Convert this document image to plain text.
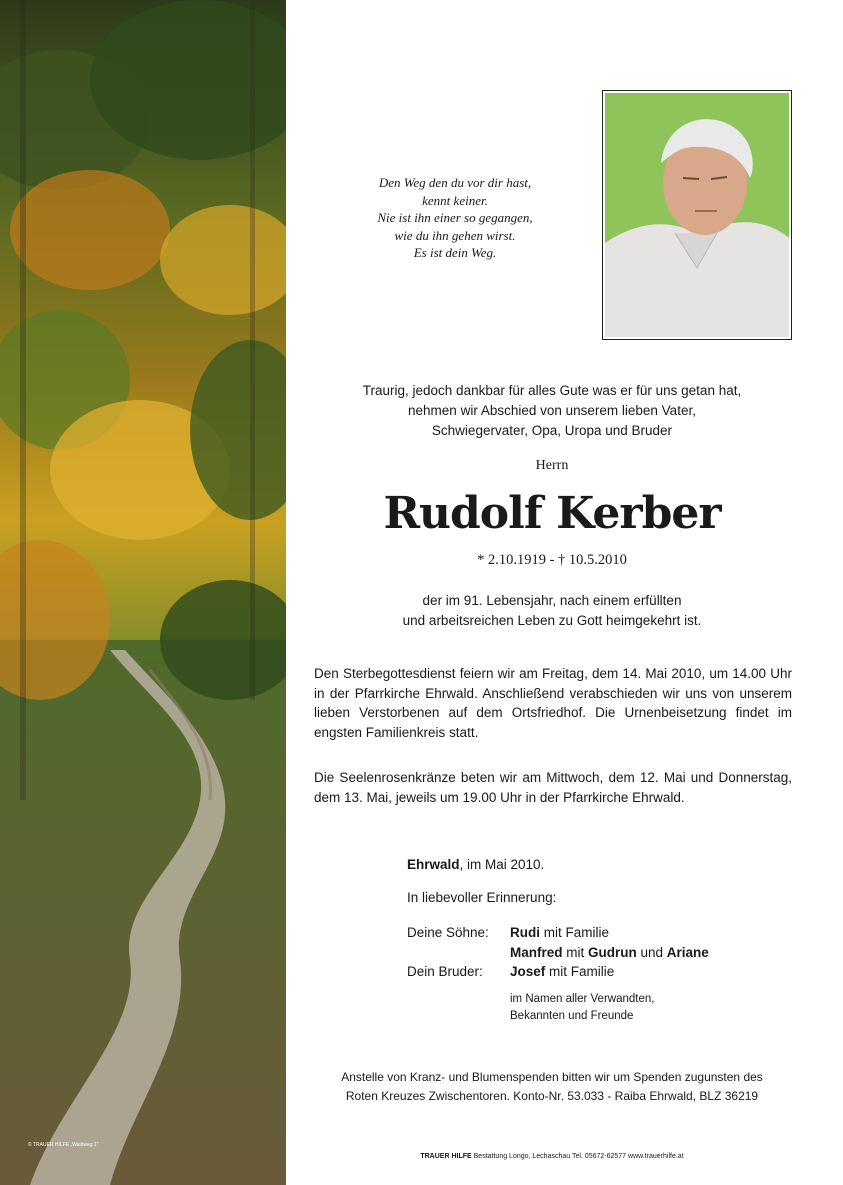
© TRAUER HILFE „Waldweg 1“
Den Weg den du vor dir hast,
kennt keiner.
Nie ist ihn einer so gegangen,
wie du ihn gehen wirst.
Es ist dein Weg.
Traurig, jedoch dankbar für alles Gute was er für uns getan hat,
nehmen wir Abschied von unserem lieben Vater,
Schwiegervater, Opa, Uropa und Bruder
Herrn
Rudolf Kerber
* 2.10.1919 - † 10.5.2010
der im 91. Lebensjahr, nach einem erfüllten
und arbeitsreichen Leben zu Gott heimgekehrt ist.
Den Sterbegottesdienst feiern wir am Freitag, dem 14. Mai 2010, um 14.00 Uhr in der Pfarrkirche Ehrwald. Anschließend verabschieden wir uns von unserem lieben Verstorbenen auf dem Ortsfriedhof. Die Urnenbeisetzung findet im engsten Familienkreis statt.
Die Seelenrosenkränze beten wir am Mittwoch, dem 12. Mai und Donnerstag, dem 13. Mai, jeweils um 19.00 Uhr in der Pfarrkirche Ehrwald.
Ehrwald, im Mai 2010.
In liebevoller Erinnerung:
Deine Söhne:	Rudi mit Familie
Manfred mit Gudrun und Ariane
Dein Bruder:	Josef mit Familie
im Namen aller Verwandten,
Bekannten und Freunde
Anstelle von Kranz- und Blumenspenden bitten wir um Spenden zugunsten des
Roten Kreuzes Zwischentoren. Konto-Nr. 53.033 - Raiba Ehrwald, BLZ 36219
TRAUER HILFE Bestattung Longo, Lechaschau Tel. 05672-62577 www.trauerhilfe.at
